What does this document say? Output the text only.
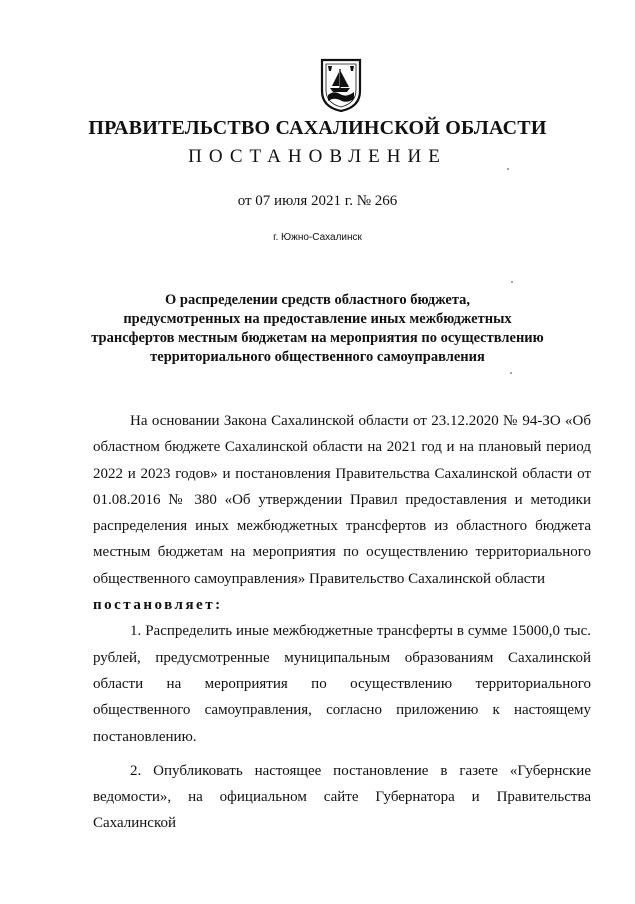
ПРАВИТЕЛЬСТВО САХАЛИНСКОЙ ОБЛАСТИ
ПОСТАНОВЛЕНИЕ
от 07 июля 2021 г. № 266
г. Южно-Сахалинск
О распределении средств областного бюджета,
предусмотренных на предоставление иных межбюджетных
трансфертов местным бюджетам на мероприятия по осуществлению
территориального общественного самоуправления

На основании Закона Сахалинской области от 23.12.2020 № 94-ЗО «Об областном бюджете Сахалинской области на 2021 год и на плановый период 2022 и 2023 годов» и постановления Правительства Сахалинской области от 01.08.2016 № 380 «Об утверждении Правил предоставления и методики распределения иных межбюджетных трансфертов из областного бюджета местным бюджетам на мероприятия по осуществлению территориального общественного самоуправления» Правительство Сахалинской области

постановляет:

1. Распределить иные межбюджетные трансферты в сумме 15000,0 тыс. рублей, предусмотренные муниципальным образованиям Сахалинской области на мероприятия по осуществлению территориального общественного самоуправления, согласно приложению к настоящему постановлению.

2. Опубликовать настоящее постановление в газете «Губернские ведомости», на официальном сайте Губернатора и Правительства Сахалинской
